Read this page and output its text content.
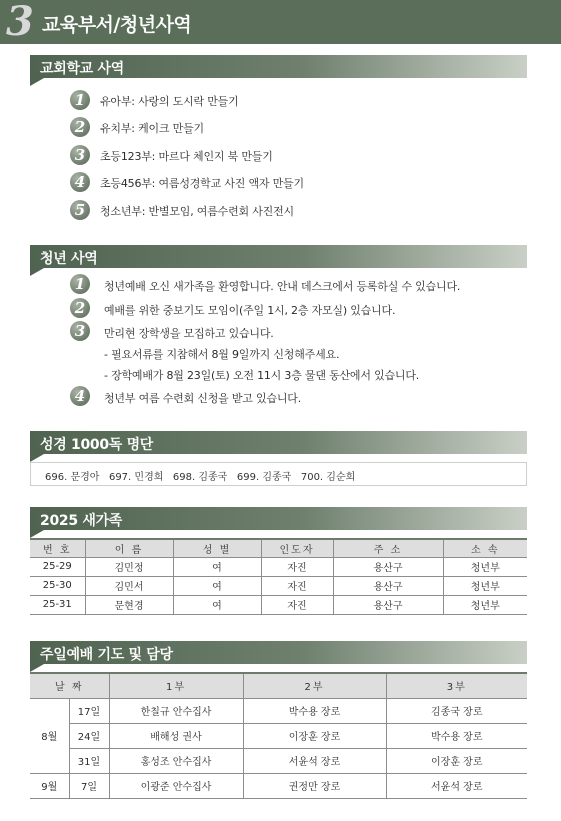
3 교육부서/청년사역
교회학교 사역
1	유아부: 사랑의 도시락 만들기
2	유치부: 케이크 만들기
3	초등123부: 마르다 체인지 북 만들기
4	초등456부: 여름성경학교 사진 액자 만들기
5	청소년부: 반별모임, 여름수련회 사진전시
청년 사역
1	청년예배 오신 새가족을 환영합니다. 안내 데스크에서 등록하실 수 있습니다.
2	예배를 위한 중보기도 모임이(주일 1시, 2층 자모실) 있습니다.
3	만리현 장학생을 모집하고 있습니다.
- 필요서류를 지참해서 8월 9일까지 신청해주세요.
- 장학예배가 8월 23일(토) 오전 11시 3층 물댄 동산에서 있습니다.
4	청년부 여름 수련회 신청을 받고 있습니다.
성경 1000독 명단
696. 문경아   697. 민경희   698. 김종국   699. 김종국   700. 김순희
2025 새가족
번 호	이 름	성 별	인도자	주 소	소 속
25-29	김민정	여	자진	용산구	청년부
25-30	김민서	여	자진	용산구	청년부
25-31	문현경	여	자진	용산구	청년부
주일예배 기도 및 담당
날 짜		1부	2부	3부
8월	17일	한칠규 안수집사	박수용 장로	김종국 장로
	24일	배해성 권사	이장훈 장로	박수용 장로
	31일	홍성조 안수집사	서윤석 장로	이장훈 장로
9월	7일	이광준 안수집사	권정만 장로	서윤석 장로
